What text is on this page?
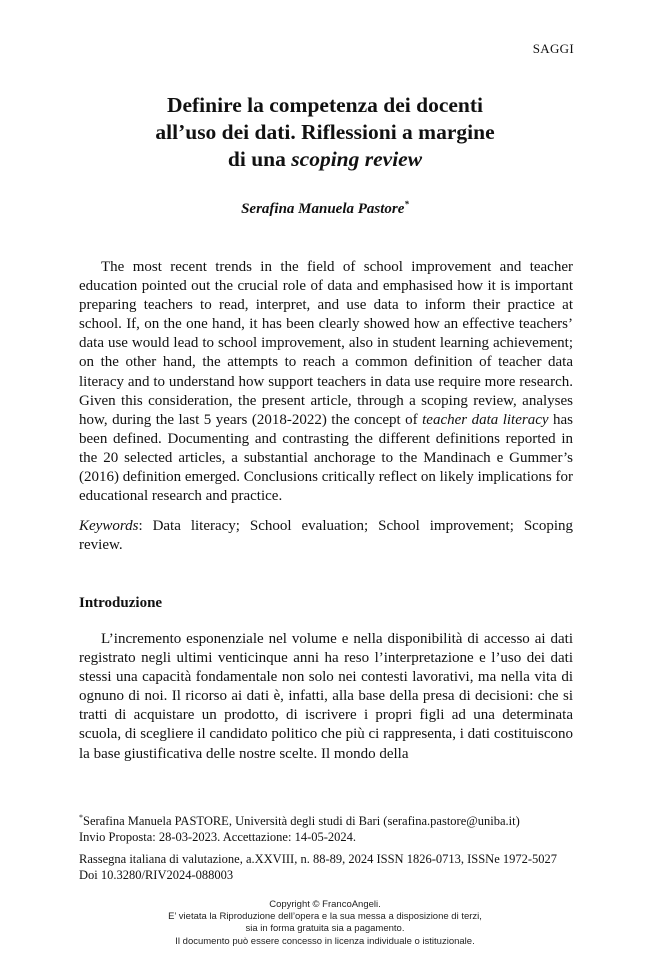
SAGGI
Definire la competenza dei docenti
all’uso dei dati. Riflessioni a margine
di una scoping review
Serafina Manuela Pastore*

The most recent trends in the field of school improvement and teacher education pointed out the crucial role of data and emphasised how it is important preparing teachers to read, interpret, and use data to inform their practice at school. If, on the one hand, it has been clearly showed how an effective teachers’ data use would lead to school improvement, also in student learning achievement; on the other hand, the attempts to reach a common definition of teacher data literacy and to understand how support teachers in data use require more research. Given this consideration, the present article, through a scoping review, analyses how, during the last 5 years (2018-2022) the concept of teacher data literacy has been defined. Documenting and contrasting the different definitions reported in the 20 selected articles, a substantial anchorage to the Mandinach e Gummer’s (2016) definition emerged. Conclusions critically reflect on likely implications for educational research and practice.

Keywords: Data literacy; School evaluation; School improvement; Scoping review.

Introduzione

L’incremento esponenziale nel volume e nella disponibilità di accesso ai dati registrato negli ultimi venticinque anni ha reso l’interpretazione e l’uso dei dati stessi una capacità fondamentale non solo nei contesti lavorativi, ma nella vita di ognuno di noi. Il ricorso ai dati è, infatti, alla base della presa di decisioni: che si tratti di acquistare un prodotto, di iscrivere i propri figli ad una determinata scuola, di scegliere il candidato politico che più ci rappresenta, i dati costituiscono la base giustificativa delle nostre scelte. Il mondo della

*Serafina Manuela PASTORE, Università degli studi di Bari (serafina.pastore@uniba.it)

Invio Proposta: 28-03-2023. Accettazione: 14-05-2024.

Rassegna italiana di valutazione, a.XXVIII, n. 88-89, 2024 ISSN 1826-0713, ISSNe 1972-5027

Doi 10.3280/RIV2024-088003

Copyright © FrancoAngeli.
E’ vietata la Riproduzione dell’opera e la sua messa a disposizione di terzi,
sia in forma gratuita sia a pagamento.
Il documento può essere concesso in licenza individuale o istituzionale.
